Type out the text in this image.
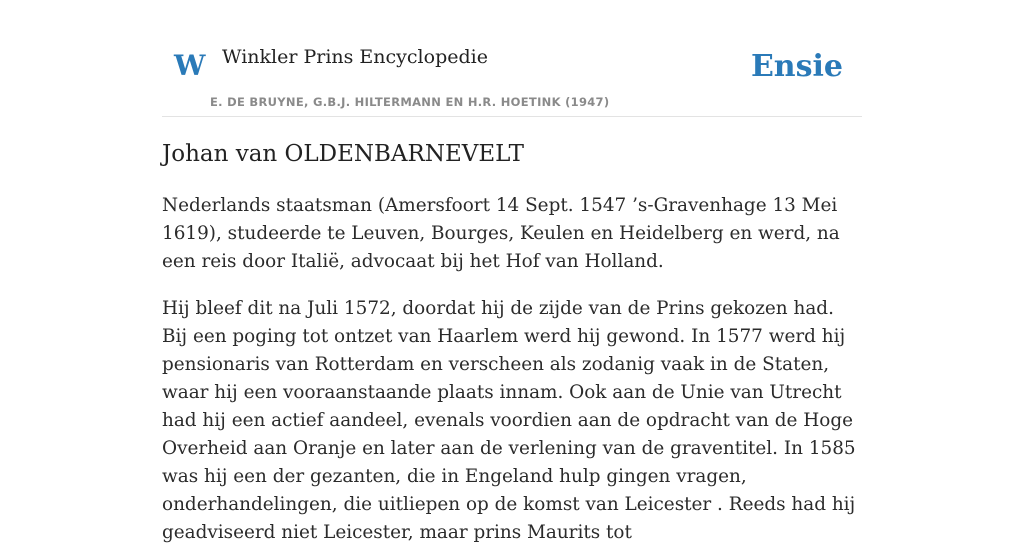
W Winkler Prins Encyclopedie
E. DE BRUYNE, G.B.J. HILTERMANN EN H.R. HOETINK (1947)
Ensie
Johan van OLDENBARNEVELT

Nederlands staatsman (Amersfoort 14 Sept. 1547 ’s-Gravenhage 13 Mei 1619), studeerde te Leuven, Bourges, Keulen en Heidelberg en werd, na een reis door Italië, advocaat bij het Hof van Holland.

Hij bleef dit na Juli 1572, doordat hij de zijde van de Prins gekozen had. Bij een poging tot ontzet van Haarlem werd hij gewond. In 1577 werd hij pensionaris van Rotterdam en verscheen als zodanig vaak in de Staten, waar hij een vooraanstaande plaats innam. Ook aan de Unie van Utrecht had hij een actief aandeel, evenals voordien aan de opdracht van de Hoge Overheid aan Oranje en later aan de verlening van de graventitel. In 1585 was hij een der gezanten, die in Engeland hulp gingen vragen, onderhandelingen, die uitliepen op de komst van Leicester . Reeds had hij geadviseerd niet Leicester, maar prins Maurits tot
